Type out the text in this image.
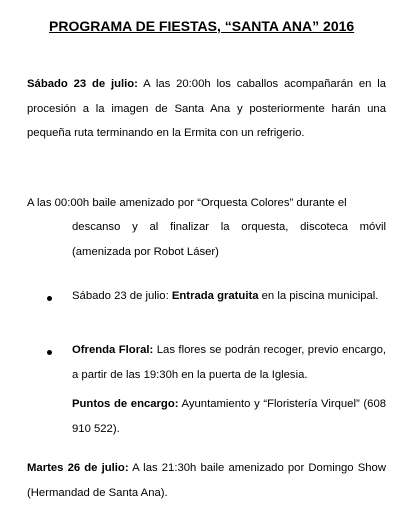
PROGRAMA DE FIESTAS, “SANTA ANA” 2016
Sábado 23 de julio: A las 20:00h los caballos acompañarán en la procesión a la imagen de Santa Ana y posteriormente harán una pequeña ruta terminando en la Ermita con un refrigerio.
A las 00:00h baile amenizado por “Orquesta Colores” durante el
descanso y al finalizar la orquesta, discoteca móvil (amenizada por Robot Láser)
Sábado 23 de julio: Entrada gratuita en la piscina municipal.
Ofrenda Floral: Las flores se podrán recoger, previo encargo, a partir de las 19:30h en la puerta de la Iglesia.
Puntos de encargo: Ayuntamiento y “Floristería Virquel” (608 910 522).
Martes 26 de julio: A las 21:30h baile amenizado por Domingo Show (Hermandad de Santa Ana).
